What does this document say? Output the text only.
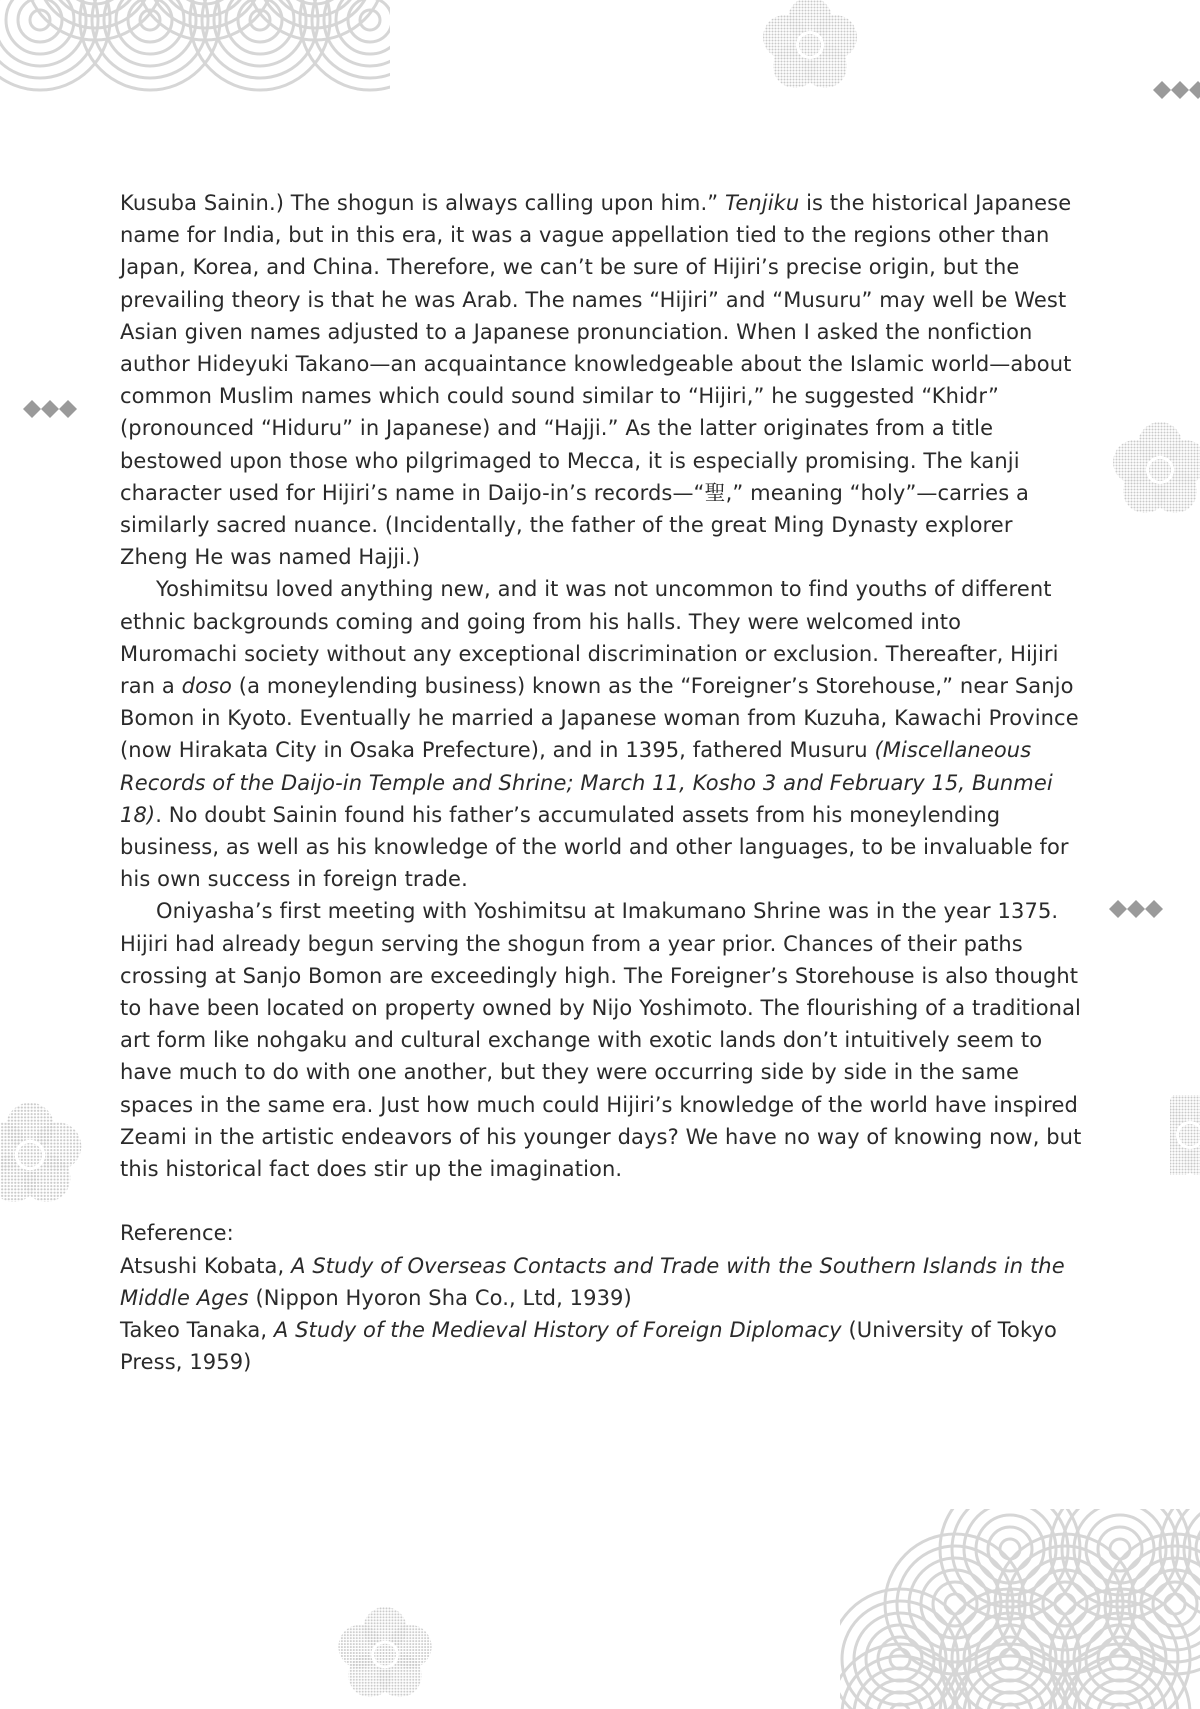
Kusuba Sainin.) The shogun is always calling upon him.” Tenjiku is the historical Japanese name for India, but in this era, it was a vague appellation tied to the regions other than Japan, Korea, and China. Therefore, we can’t be sure of Hijiri’s precise origin, but the prevailing theory is that he was Arab. The names “Hijiri” and “Musuru” may well be West Asian given names adjusted to a Japanese pronunciation. When I asked the nonfiction author Hideyuki Takano—an acquaintance knowledgeable about the Islamic world—about common Muslim names which could sound similar to “Hijiri,” he suggested “Khidr” (pronounced “Hiduru” in Japanese) and “Hajji.” As the latter originates from a title bestowed upon those who pilgrimaged to Mecca, it is especially promising. The kanji character used for Hijiri’s name in Daijo-in’s records—“聖,” meaning “holy”—carries a similarly sacred nuance. (Incidentally, the father of the great Ming Dynasty explorer Zheng He was named Hajji.)

Yoshimitsu loved anything new, and it was not uncommon to find youths of different ethnic backgrounds coming and going from his halls. They were welcomed into Muromachi society without any exceptional discrimination or exclusion. Thereafter, Hijiri ran a doso (a moneylending business) known as the “Foreigner’s Storehouse,” near Sanjo Bomon in Kyoto. Eventually he married a Japanese woman from Kuzuha, Kawachi Province (now Hirakata City in Osaka Prefecture), and in 1395, fathered Musuru (Miscellaneous Records of the Daijo-in Temple and Shrine; March 11, Kosho 3 and February 15, Bunmei 18). No doubt Sainin found his father’s accumulated assets from his moneylending business, as well as his knowledge of the world and other languages, to be invaluable for his own success in foreign trade.

Oniyasha’s first meeting with Yoshimitsu at Imakumano Shrine was in the year 1375. Hijiri had already begun serving the shogun from a year prior. Chances of their paths crossing at Sanjo Bomon are exceedingly high. The Foreigner’s Storehouse is also thought to have been located on property owned by Nijo Yoshimoto. The flourishing of a traditional art form like nohgaku and cultural exchange with exotic lands don’t intuitively seem to have much to do with one another, but they were occurring side by side in the same spaces in the same era. Just how much could Hijiri’s knowledge of the world have inspired Zeami in the artistic endeavors of his younger days? We have no way of knowing now, but this historical fact does stir up the imagination.

Reference:
Atsushi Kobata, A Study of Overseas Contacts and Trade with the Southern Islands in the Middle Ages (Nippon Hyoron Sha Co., Ltd, 1939)
Takeo Tanaka, A Study of the Medieval History of Foreign Diplomacy (University of Tokyo Press, 1959)
